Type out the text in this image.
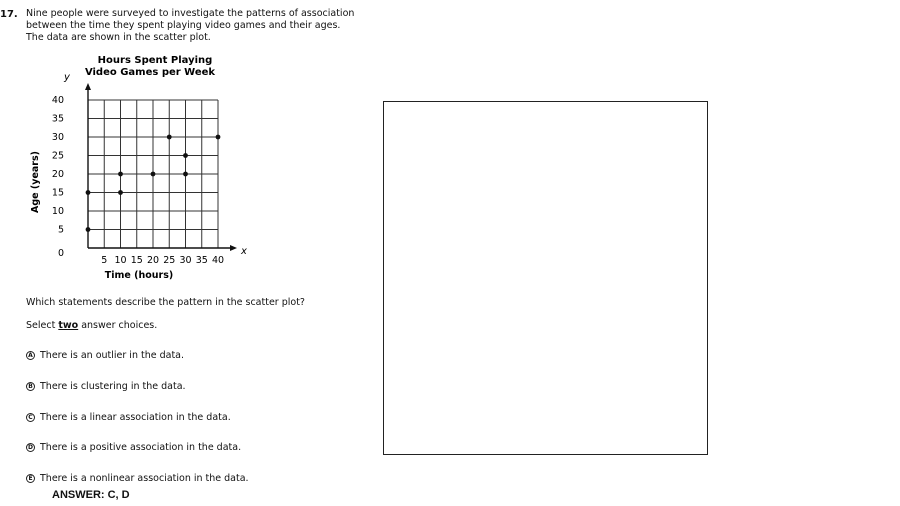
17. Nine people were surveyed to investigate the patterns of association
between the time they spent playing video games and their ages.
The data are shown in the scatter plot.
Hours Spent Playing
Video Games per Week
y
x
Age (years)
Time (hours)
0
5
10
15
20
25
30
35
40
5 10 15 20 25 30 35 40
Which statements describe the pattern in the scatter plot?
Select two answer choices.
A There is an outlier in the data.
B There is clustering in the data.
C There is a linear association in the data.
D There is a positive association in the data.
E There is a nonlinear association in the data.
ANSWER: C, D
